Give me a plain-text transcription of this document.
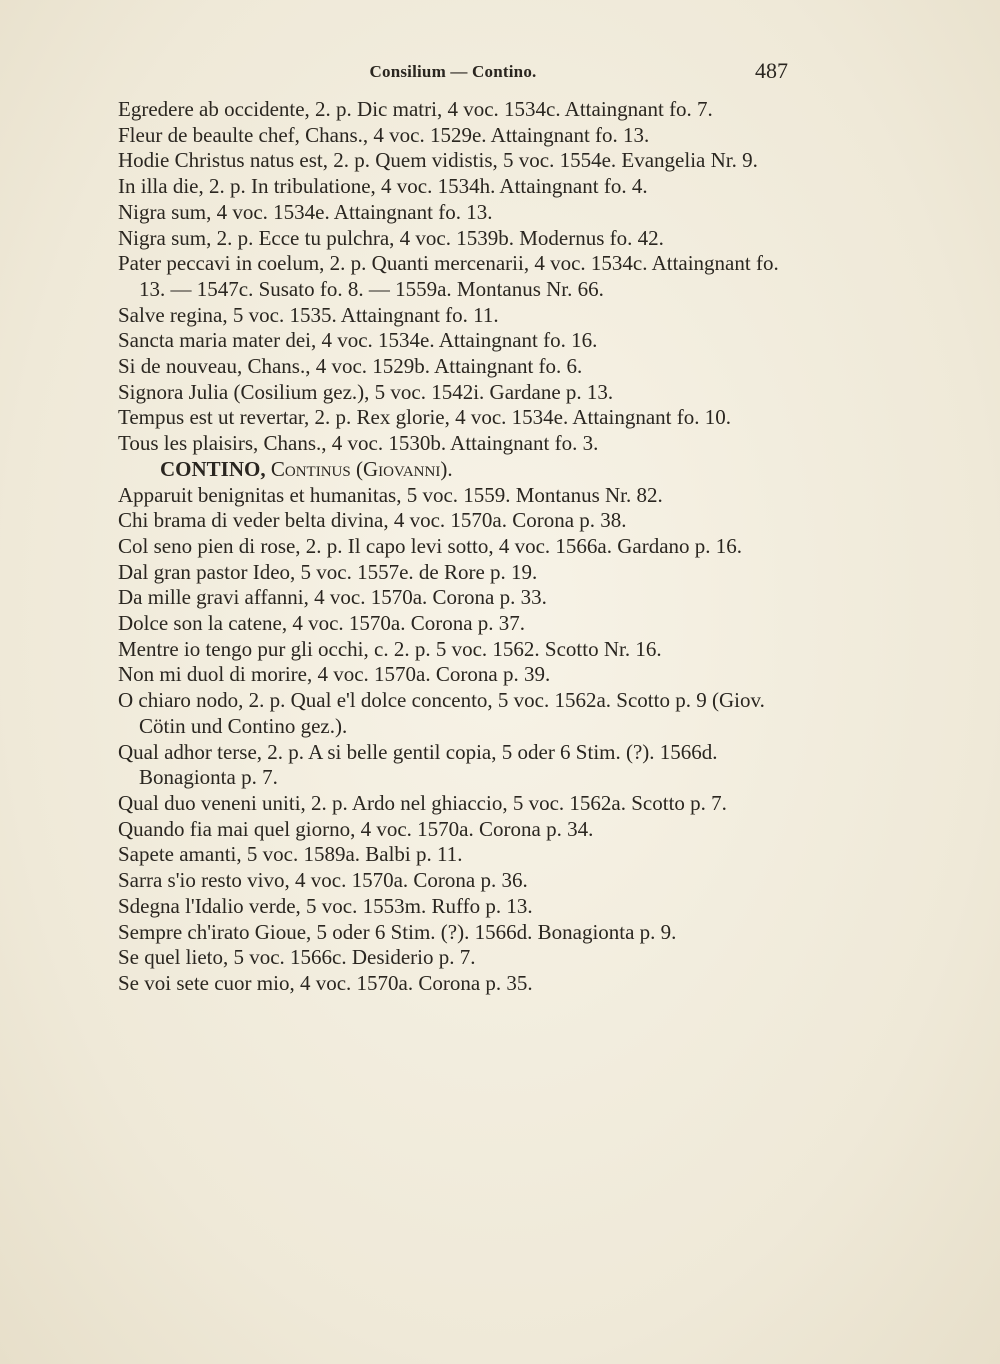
Consilium — Contino.	487

Egredere ab occidente, 2. p. Dic matri, 4 voc. 1534c. Attaingnant fo. 7.

Fleur de beaulte chef, Chans., 4 voc. 1529e. Attaingnant fo. 13.

Hodie Christus natus est, 2. p. Quem vidistis, 5 voc. 1554e. Evangelia Nr. 9.

In illa die, 2. p. In tribulatione, 4 voc. 1534h. Attaingnant fo. 4.

Nigra sum, 4 voc. 1534e. Attaingnant fo. 13.

Nigra sum, 2. p. Ecce tu pulchra, 4 voc. 1539b. Modernus fo. 42.

Pater peccavi in coelum, 2. p. Quanti mercenarii, 4 voc. 1534c. Attaingnant fo. 13. — 1547c. Susato fo. 8. — 1559a. Montanus Nr. 66.

Salve regina, 5 voc. 1535. Attaingnant fo. 11.

Sancta maria mater dei, 4 voc. 1534e. Attaingnant fo. 16.

Si de nouveau, Chans., 4 voc. 1529b. Attaingnant fo. 6.

Signora Julia (Cosilium gez.), 5 voc. 1542i. Gardane p. 13.

Tempus est ut revertar, 2. p. Rex glorie, 4 voc. 1534e. Attaingnant fo. 10.

Tous les plaisirs, Chans., 4 voc. 1530b. Attaingnant fo. 3.

CONTINO, Continus (Giovanni).

Apparuit benignitas et humanitas, 5 voc. 1559. Montanus Nr. 82.

Chi brama di veder belta divina, 4 voc. 1570a. Corona p. 38.

Col seno pien di rose, 2. p. Il capo levi sotto, 4 voc. 1566a. Gardano p. 16.

Dal gran pastor Ideo, 5 voc. 1557e. de Rore p. 19.

Da mille gravi affanni, 4 voc. 1570a. Corona p. 33.

Dolce son la catene, 4 voc. 1570a. Corona p. 37.

Mentre io tengo pur gli occhi, c. 2. p. 5 voc. 1562. Scotto Nr. 16.

Non mi duol di morire, 4 voc. 1570a. Corona p. 39.

O chiaro nodo, 2. p. Qual e'l dolce concento, 5 voc. 1562a. Scotto p. 9 (Giov. Cötin und Contino gez.).

Qual adhor terse, 2. p. A si belle gentil copia, 5 oder 6 Stim. (?). 1566d. Bonagionta p. 7.

Qual duo veneni uniti, 2. p. Ardo nel ghiaccio, 5 voc. 1562a. Scotto p. 7.

Quando fia mai quel giorno, 4 voc. 1570a. Corona p. 34.

Sapete amanti, 5 voc. 1589a. Balbi p. 11.

Sarra s'io resto vivo, 4 voc. 1570a. Corona p. 36.

Sdegna l'Idalio verde, 5 voc. 1553m. Ruffo p. 13.

Sempre ch'irato Gioue, 5 oder 6 Stim. (?). 1566d. Bonagionta p. 9.

Se quel lieto, 5 voc. 1566c. Desiderio p. 7.

Se voi sete cuor mio, 4 voc. 1570a. Corona p. 35.
